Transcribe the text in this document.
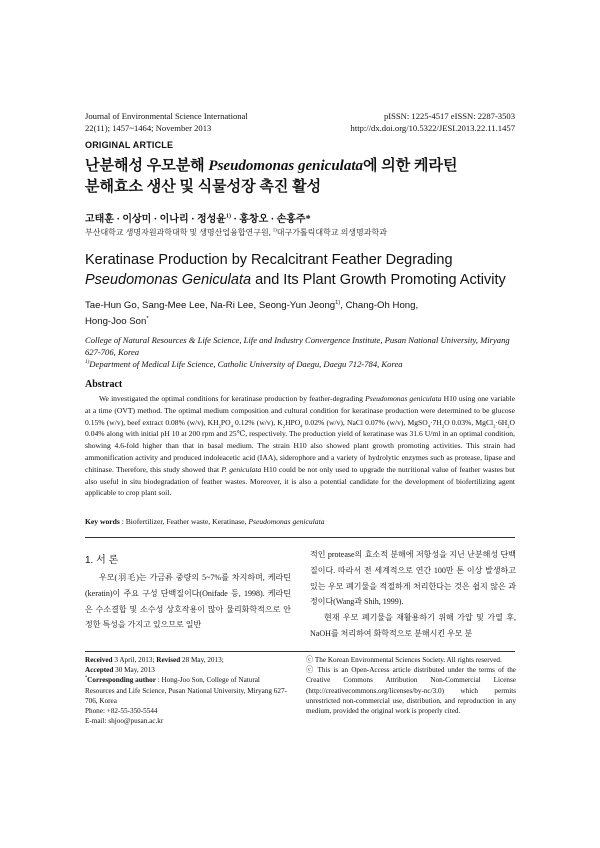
Journal of Environmental Science International
22(11); 1457~1464; November 2013
pISSN: 1225-4517 eISSN: 2287-3503
http://dx.doi.org/10.5322/JESI.2013.22.11.1457
ORIGINAL ARTICLE
난분해성 우모분해 Pseudomonas geniculata에 의한 케라틴
분해효소 생산 및 식물성장 촉진 활성
고태훈 · 이상미 · 이나리 · 정성윤$^{1)}$ · 홍창오 · 손홍주*
부산대학교 생명자원과학대학 및 생명산업융합연구원, $^{1)}$대구가톨릭대학교 의생명과학과
Keratinase Production by Recalcitrant Feather Degrading
Pseudomonas Geniculata and Its Plant Growth Promoting Activity
Tae-Hun Go, Sang-Mee Lee, Na-Ri Lee, Seong-Yun Jeong$^{1)}$, Chang-Oh Hong,
Hong-Joo Son*
College of Natural Resources & Life Science, Life and Industry Convergence Institute, Pusan National University, Miryang 627-706, Korea
$^{1)}$Department of Medical Life Science, Catholic University of Daegu, Daegu 712-784, Korea
Abstract
We investigated the optimal conditions for keratinase production by feather-degrading Pseudomonas geniculata H10 using one variable at a time (OVT) method. The optimal medium composition and cultural condition for keratinase production were determined to be glucose 0.15% (w/v), beef extract 0.08% (w/v), $KH_2PO_4$ 0.12% (w/v), $K_2HPO_4$ 0.02% (w/v), NaCl 0.07% (w/v), $MgSO_4\cdot 7H_2O$ 0.03%, $MgCl_2\cdot 6H_2O$ 0.04% along with initial pH 10 at 200 rpm and 25℃, respectively. The production yield of keratinase was 31.6 U/ml in an optimal condition, showing 4.6-fold higher than that in basal medium. The strain H10 also showed plant growth promoting activities. This strain had ammonification activity and produced indoleacetic acid (IAA), siderophore and a variety of hydrolytic enzymes such as protease, lipase and chitinase. Therefore, this study showed that P. geniculata H10 could be not only used to upgrade the nutritional value of feather wastes but also useful in situ biodegradation of feather wastes. Moreover, it is also a potential candidate for the development of biofertilizing agent applicable to crop plant soil.
Key words : Biofertilizer, Feather waste, Keratinase, Pseudomonas geniculata
1. 서 론
우모(羽毛)는 가금류 중량의 5~7%를 차지하며, 케라틴(keratin)이 주요 구성 단백질이다(Onifade 등, 1998). 케라틴은 수소결합 및 소수성 상호작용이 많아 물리화학적으로 안정한 특성을 가지고 있으므로 일반
적인 protease의 효소적 분해에 저항성을 지닌 난분해성 단백질이다. 따라서 전 세계적으로 연간 100만 톤 이상 발생하고 있는 우모 폐기물을 적절하게 처리한다는 것은 쉽지 않은 과정이다(Wang과 Shih, 1999).
현재 우모 폐기물을 재활용하기 위해 가압 및 가열 후, NaOH를 처리하여 화학적으로 분해시킨 우모 분
Received 3 April, 2013; Revised 28 May, 2013;
Accepted 30 May, 2013
*Corresponding author : Hong-Joo Son, College of Natural Resources and Life Science, Pusan National University, Miryang 627-706, Korea
Phone: +82-55-350-5544
E-mail: shjoo@pusan.ac.kr
ⓒ The Korean Environmental Sciences Society. All rights reserved.
ⓒ This is an Open-Access article distributed under the terms of the Creative Commons Attribution Non-Commercial License (http://creativecommons.org/licenses/by-nc/3.0) which permits unrestricted non-commercial use, distribution, and reproduction in any medium, provided the original work is properly cited.
